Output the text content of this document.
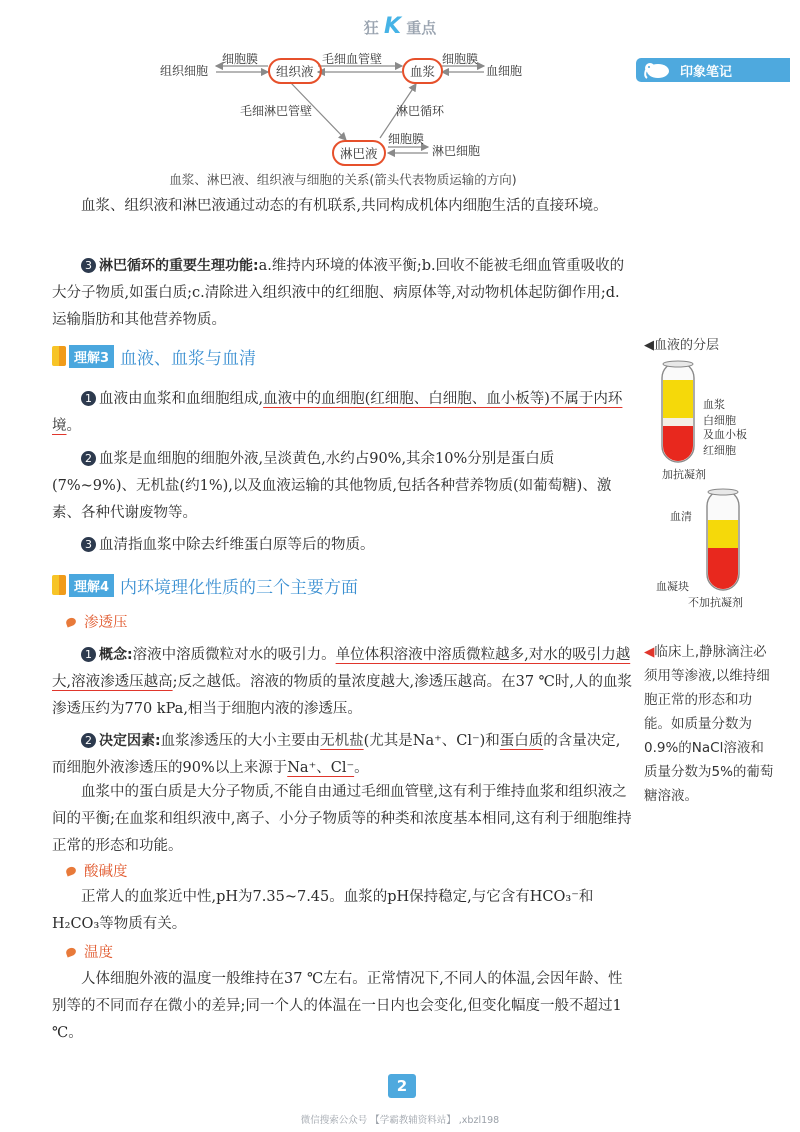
狂 K 重点
印象笔记
组织液	血浆
淋巴液
组织细胞
细胞膜	毛细血管壁	细胞膜
血细胞
毛细淋巴管壁	淋巴循环
细胞膜
淋巴细胞
血浆、淋巴液、组织液与细胞的关系(箭头代表物质运输的方向)

血浆、组织液和淋巴液通过动态的有机联系,共同构成机体内细胞生活的直接环境。

3 淋巴循环的重要生理功能:a.维持内环境的体液平衡;b.回收不能被毛细血管重吸收的大分子物质,如蛋白质;c.清除进入组织液中的红细胞、病原体等,对动物机体起防御作用;d.运输脂肪和其他营养物质。

理解3 血液、血浆与血清

1 血液由血浆和血细胞组成,血液中的血细胞(红细胞、白细胞、血小板等)不属于内环境。

2 血浆是血细胞的细胞外液,呈淡黄色,水约占90%,其余10%分别是蛋白质(7%~9%)、无机盐(约1%),以及血液运输的其他物质,包括各种营养物质(如葡萄糖)、激素、各种代谢废物等。

3 血清指血浆中除去纤维蛋白原等后的物质。

理解4 内环境理化性质的三个主要方面
渗透压

1 概念:溶液中溶质微粒对水的吸引力。单位体积溶液中溶质微粒越多,对水的吸引力越大,溶液渗透压越高;反之越低。溶液的物质的量浓度越大,渗透压越高。在37 ℃时,人的血浆渗透压约为770 kPa,相当于细胞内液的渗透压。

2 决定因素:血浆渗透压的大小主要由无机盐(尤其是Na⁺、Cl⁻)和蛋白质的含量决定,而细胞外液渗透压的90%以上来源于Na⁺、Cl⁻。

血浆中的蛋白质是大分子物质,不能自由通过毛细血管壁,这有利于维持血浆和组织液之间的平衡;在血浆和组织液中,离子、小分子物质等的种类和浓度基本相同,这有利于细胞维持正常的形态和功能。

酸碱度

正常人的血浆近中性,pH为7.35~7.45。血浆的pH保持稳定,与它含有HCO₃⁻和H₂CO₃等物质有关。

温度

人体细胞外液的温度一般维持在37 ℃左右。正常情况下,不同人的体温,会因年龄、性别等的不同而存在微小的差异;同一个人的体温在一日内也会变化,但变化幅度一般不超过1 ℃。

◀血液的分层
血浆
白细胞
及血小板
红细胞
加抗凝剂
血清
血凝块
不加抗凝剂
◀临床上,静脉滴注必须用等渗液,以维持细胞正常的形态和功能。如质量分数为0.9%的NaCl溶液和质量分数为5%的葡萄糖溶液。
2
微信搜索公众号 【学霸教辅资料站】 ,xbzl198
